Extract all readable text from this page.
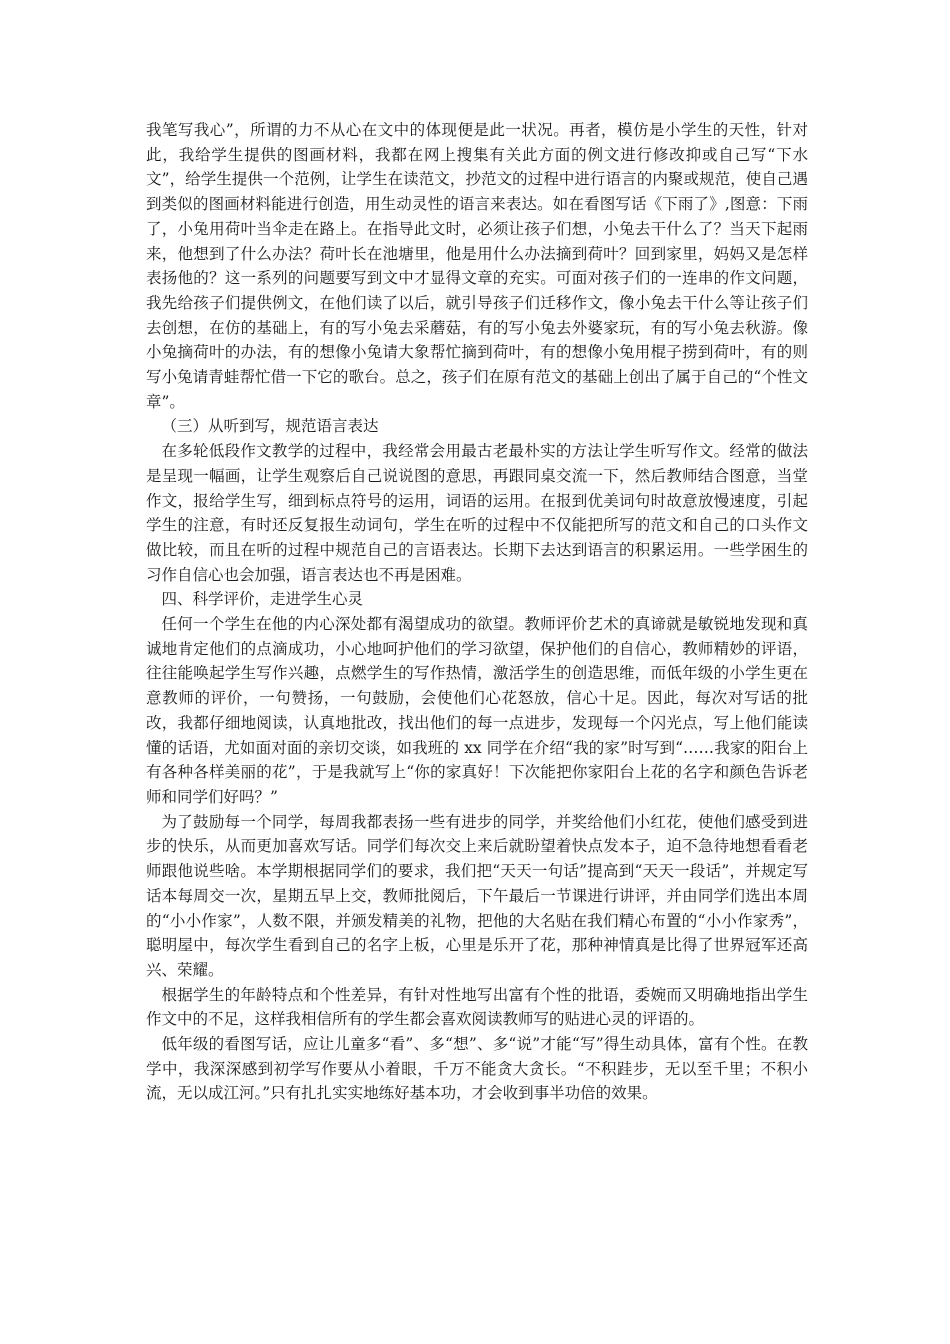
我笔写我心”，所谓的力不从心在文中的体现便是此一状况。再者，模仿是小学生的天性，针对此，我给学生提供的图画材料，我都在网上搜集有关此方面的例文进行修改抑或自己写“下水文”，给学生提供一个范例，让学生在读范文，抄范文的过程中进行语言的内聚或规范，使自己遇到类似的图画材料能进行创造，用生动灵性的语言来表达。如在看图写话《下雨了》,图意：下雨了，小兔用荷叶当伞走在路上。在指导此文时，必须让孩子们想，小兔去干什么了？当天下起雨来，他想到了什么办法？荷叶长在池塘里，他是用什么办法摘到荷叶？回到家里，妈妈又是怎样表扬他的？这一系列的问题要写到文中才显得文章的充实。可面对孩子们的一连串的作文问题，我先给孩子们提供例文，在他们读了以后，就引导孩子们迁移作文，像小兔去干什么等让孩子们去创想，在仿的基础上，有的写小兔去采蘑菇，有的写小兔去外婆家玩，有的写小兔去秋游。像小兔摘荷叶的办法，有的想像小兔请大象帮忙摘到荷叶，有的想像小兔用棍子捞到荷叶，有的则写小兔请青蛙帮忙借一下它的歌台。总之，孩子们在原有范文的基础上创出了属于自己的“个性文章”。

（三）从听到写，规范语言表达

在多轮低段作文教学的过程中，我经常会用最古老最朴实的方法让学生听写作文。经常的做法是呈现一幅画，让学生观察后自己说说图的意思，再跟同桌交流一下，然后教师结合图意，当堂作文，报给学生写，细到标点符号的运用，词语的运用。在报到优美词句时故意放慢速度，引起学生的注意，有时还反复报生动词句，学生在听的过程中不仅能把所写的范文和自己的口头作文做比较，而且在听的过程中规范自己的言语表达。长期下去达到语言的积累运用。一些学困生的习作自信心也会加强，语言表达也不再是困难。

四、科学评价，走进学生心灵

任何一个学生在他的内心深处都有渴望成功的欲望。教师评价艺术的真谛就是敏锐地发现和真诚地肯定他们的点滴成功，小心地呵护他们的学习欲望，保护他们的自信心，教师精妙的评语，往往能唤起学生写作兴趣，点燃学生的写作热情，激活学生的创造思维，而低年级的小学生更在意教师的评价，一句赞扬，一句鼓励，会使他们心花怒放，信心十足。因此，每次对写话的批改，我都仔细地阅读，认真地批改，找出他们的每一点进步，发现每一个闪光点，写上他们能读懂的话语，尤如面对面的亲切交谈，如我班的 xx 同学在介绍“我的家”时写到“……我家的阳台上有各种各样美丽的花”，于是我就写上“你的家真好！下次能把你家阳台上花的名字和颜色告诉老师和同学们好吗？”

为了鼓励每一个同学，每周我都表扬一些有进步的同学，并奖给他们小红花，使他们感受到进步的快乐，从而更加喜欢写话。同学们每次交上来后就盼望着快点发本子，迫不急待地想看看老师跟他说些啥。本学期根据同学们的要求，我们把“天天一句话”提高到“天天一段话”，并规定写话本每周交一次，星期五早上交，教师批阅后，下午最后一节课进行讲评，并由同学们选出本周的“小小作家”，人数不限，并颁发精美的礼物，把他的大名贴在我们精心布置的“小小作家秀”，聪明屋中，每次学生看到自己的名字上板，心里是乐开了花，那种神情真是比得了世界冠军还高兴、荣耀。

根据学生的年龄特点和个性差异，有针对性地写出富有个性的批语，委婉而又明确地指出学生作文中的不足，这样我相信所有的学生都会喜欢阅读教师写的贴进心灵的评语的。

低年级的看图写话，应让儿童多“看”、多“想”、多“说”才能“写”得生动具体，富有个性。在教学中，我深深感到初学写作要从小着眼，千万不能贪大贪长。“不积跬步，无以至千里；不积小流，无以成江河。”只有扎扎实实地练好基本功，才会收到事半功倍的效果。
